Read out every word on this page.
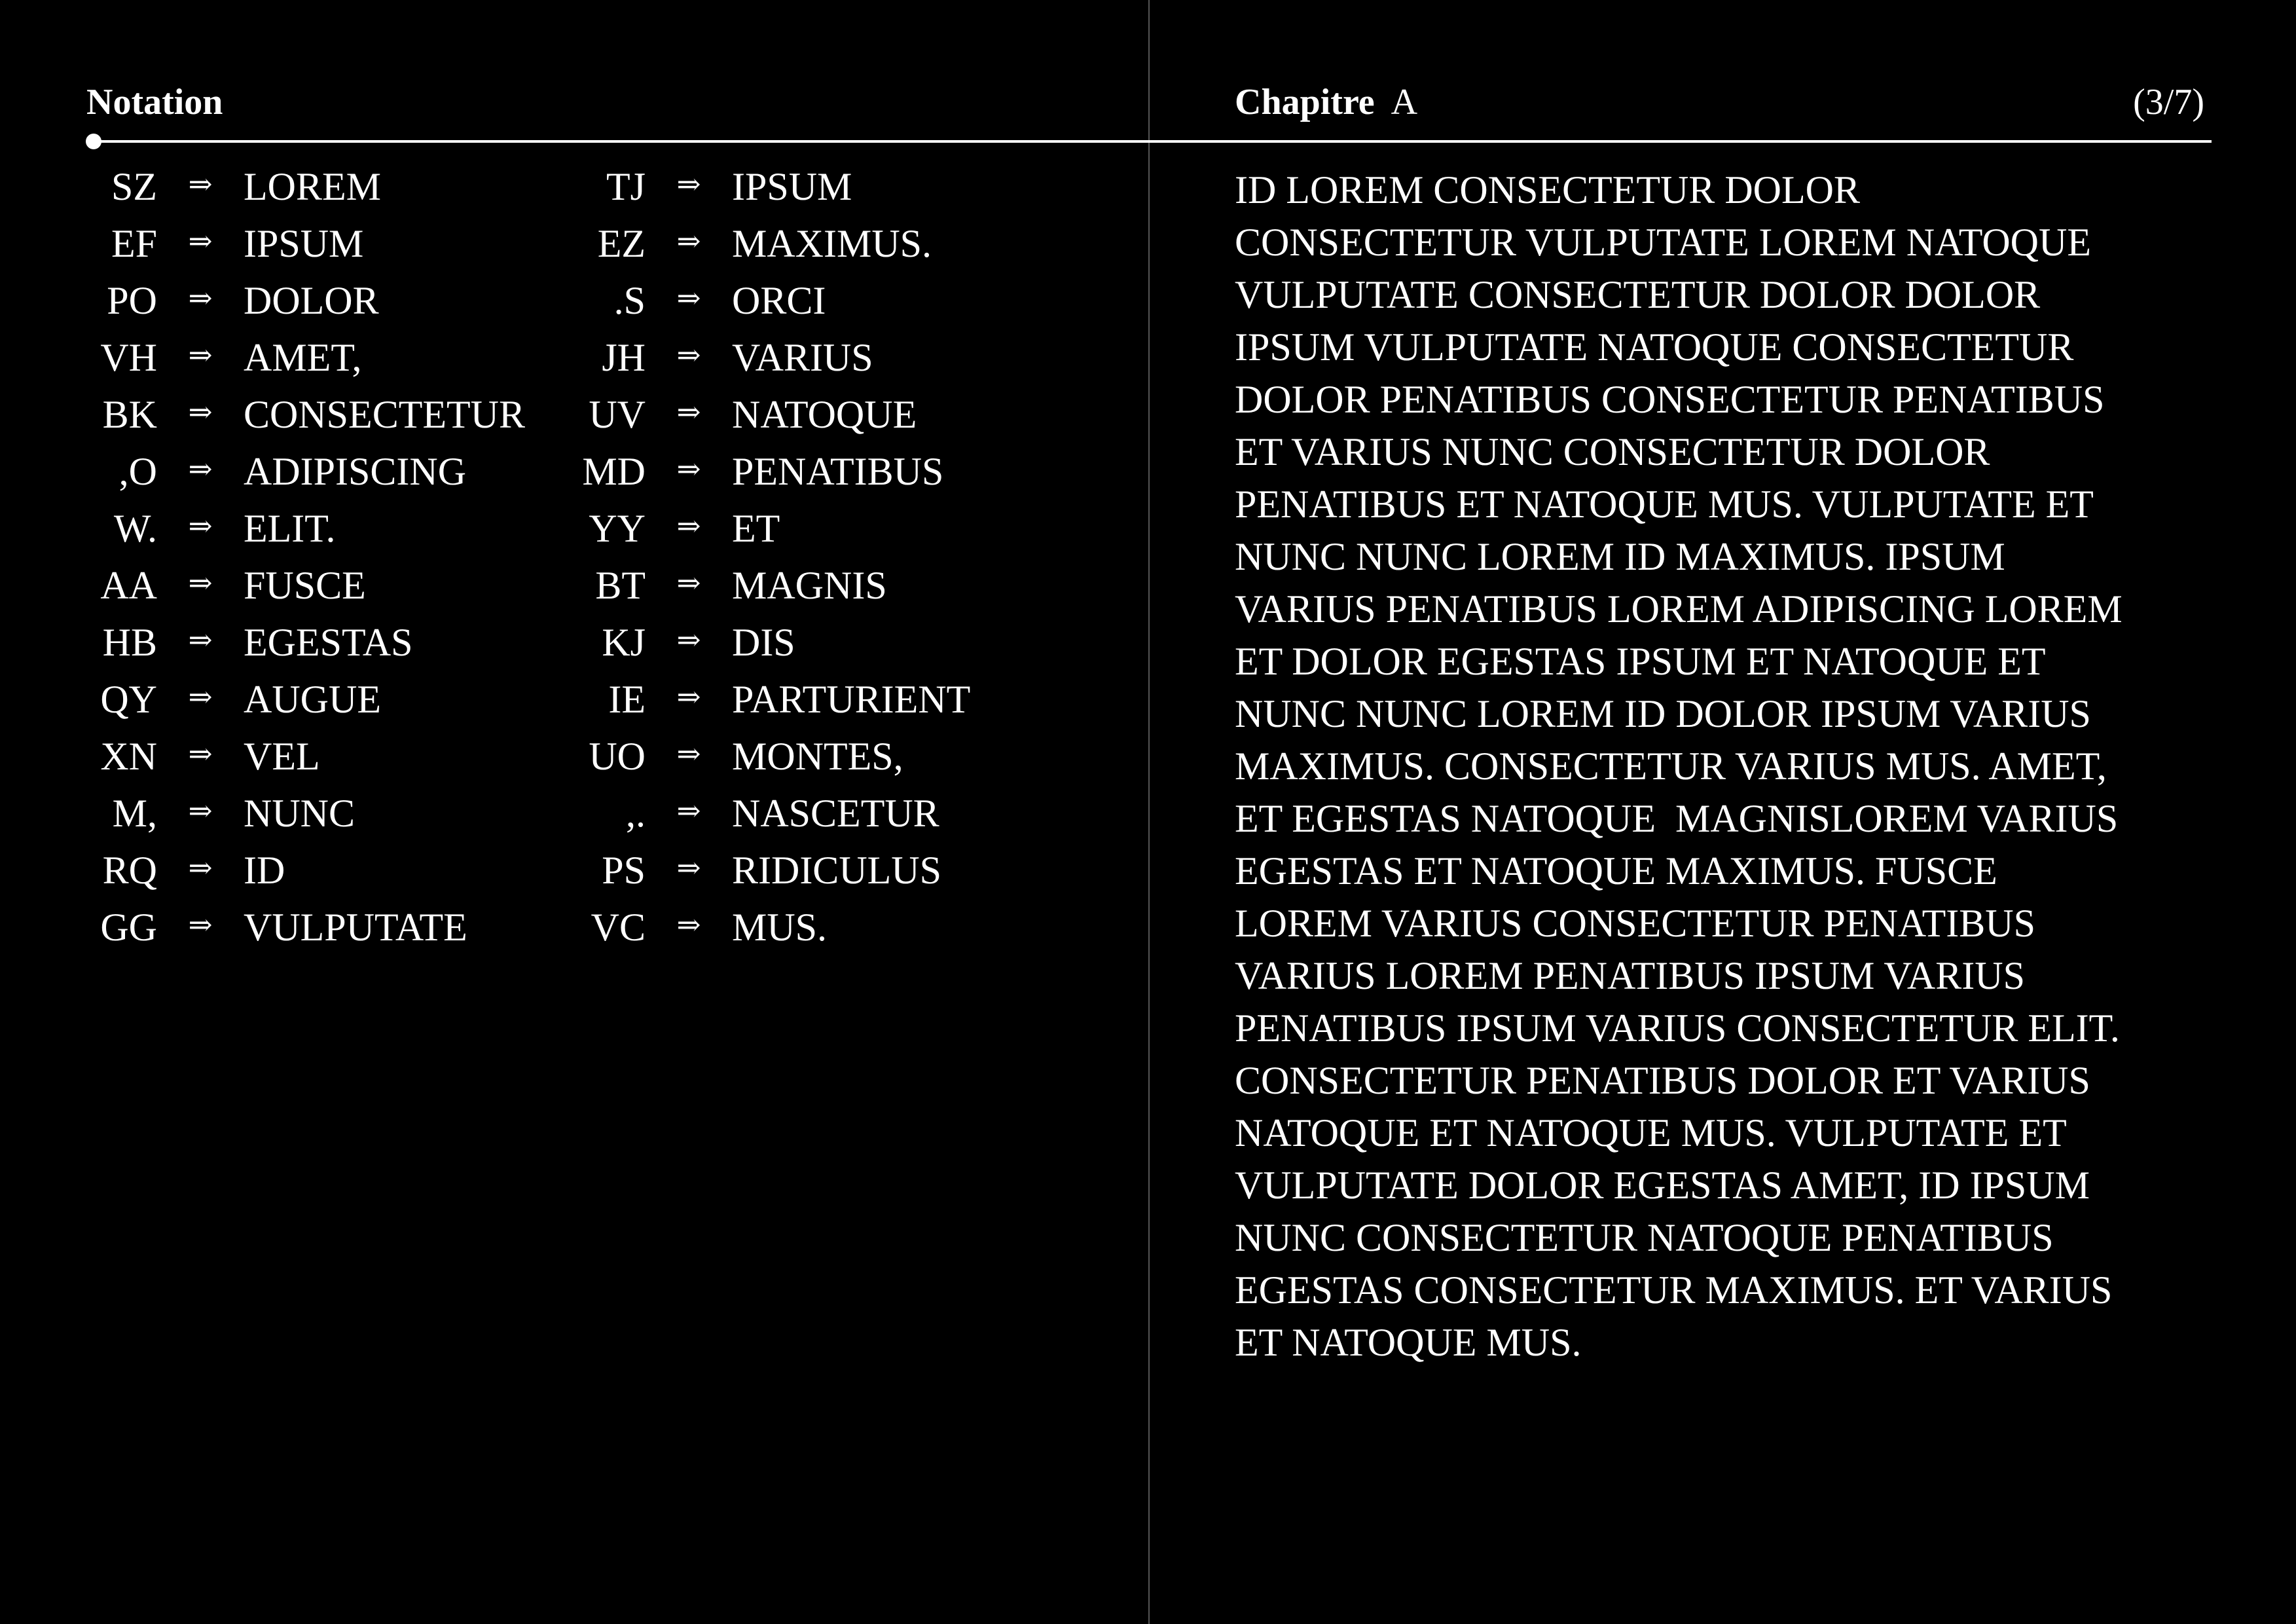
Notation	Chapitre A	(3/7)
SZ ⇒ LOREM
EF ⇒ IPSUM
PO ⇒ DOLOR
VH ⇒ AMET,
BK ⇒ CONSECTETUR
,O ⇒ ADIPISCING
W. ⇒ ELIT.
AA ⇒ FUSCE
HB ⇒ EGESTAS
QY ⇒ AUGUE
XN ⇒ VEL
M, ⇒ NUNC
RQ ⇒ ID
GG ⇒ VULPUTATE
TJ ⇒ IPSUM
EZ ⇒ MAXIMUS.
.S ⇒ ORCI
JH ⇒ VARIUS
UV ⇒ NATOQUE
MD ⇒ PENATIBUS
YY ⇒ ET
BT ⇒ MAGNIS
KJ ⇒ DIS
IE ⇒ PARTURIENT
UO ⇒ MONTES,
,. ⇒ NASCETUR
PS ⇒ RIDICULUS
VC ⇒ MUS.
ID LOREM CONSECTETUR DOLOR
CONSECTETUR VULPUTATE LOREM NATOQUE
VULPUTATE CONSECTETUR DOLOR DOLOR
IPSUM VULPUTATE NATOQUE CONSECTETUR
DOLOR PENATIBUS CONSECTETUR PENATIBUS
ET VARIUS NUNC CONSECTETUR DOLOR
PENATIBUS ET NATOQUE MUS. VULPUTATE ET
NUNC NUNC LOREM ID MAXIMUS. IPSUM
VARIUS PENATIBUS LOREM ADIPISCING LOREM
ET DOLOR EGESTAS IPSUM ET NATOQUE ET
NUNC NUNC LOREM ID DOLOR IPSUM VARIUS
MAXIMUS. CONSECTETUR VARIUS MUS. AMET,
ET EGESTAS NATOQUE  MAGNISLOREM VARIUS
EGESTAS ET NATOQUE MAXIMUS. FUSCE
LOREM VARIUS CONSECTETUR PENATIBUS
VARIUS LOREM PENATIBUS IPSUM VARIUS
PENATIBUS IPSUM VARIUS CONSECTETUR ELIT.
CONSECTETUR PENATIBUS DOLOR ET VARIUS
NATOQUE ET NATOQUE MUS. VULPUTATE ET
VULPUTATE DOLOR EGESTAS AMET, ID IPSUM
NUNC CONSECTETUR NATOQUE PENATIBUS
EGESTAS CONSECTETUR MAXIMUS. ET VARIUS
ET NATOQUE MUS.
